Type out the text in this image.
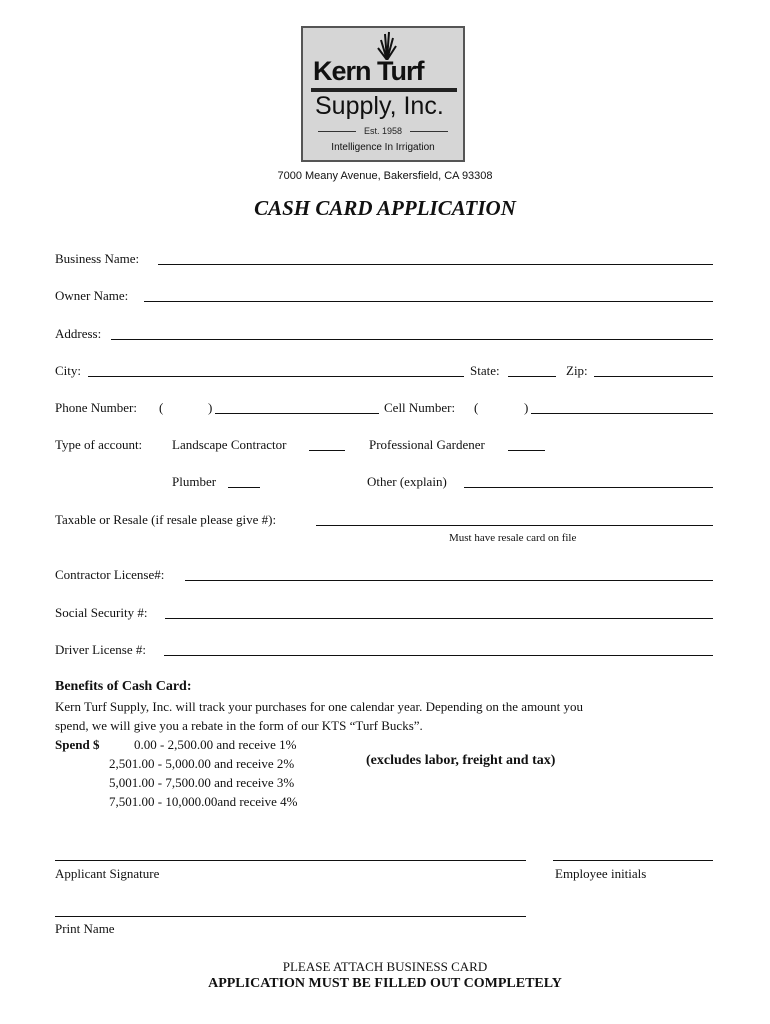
Kern Turf
Supply, Inc.
Est. 1958
Intelligence In Irrigation
7000 Meany Avenue, Bakersfield, CA 93308
CASH CARD APPLICATION
Business Name:
Owner Name:
Address:
City:	State:	Zip:
Phone Number: (	)	Cell Number: (	)
Type of account: Landscape Contractor	Professional Gardener
Plumber	Other (explain)
Taxable or Resale (if resale please give #):
Must have resale card on file
Contractor License#:
Social Security #:
Driver License #:
Benefits of Cash Card:
Kern Turf Supply, Inc. will track your purchases for one calendar year. Depending on the amount you
spend, we will give you a rebate in the form of our KTS “Turf Bucks”.
Spend $	0.00 - 2,500.00 and receive 1%
2,501.00 - 5,000.00 and receive 2%
5,001.00 - 7,500.00 and receive 3%
7,501.00 - 10,000.00and receive 4%
(excludes labor, freight and tax)
Applicant Signature	Employee initials
Print Name
PLEASE ATTACH BUSINESS CARD
APPLICATION MUST BE FILLED OUT COMPLETELY
